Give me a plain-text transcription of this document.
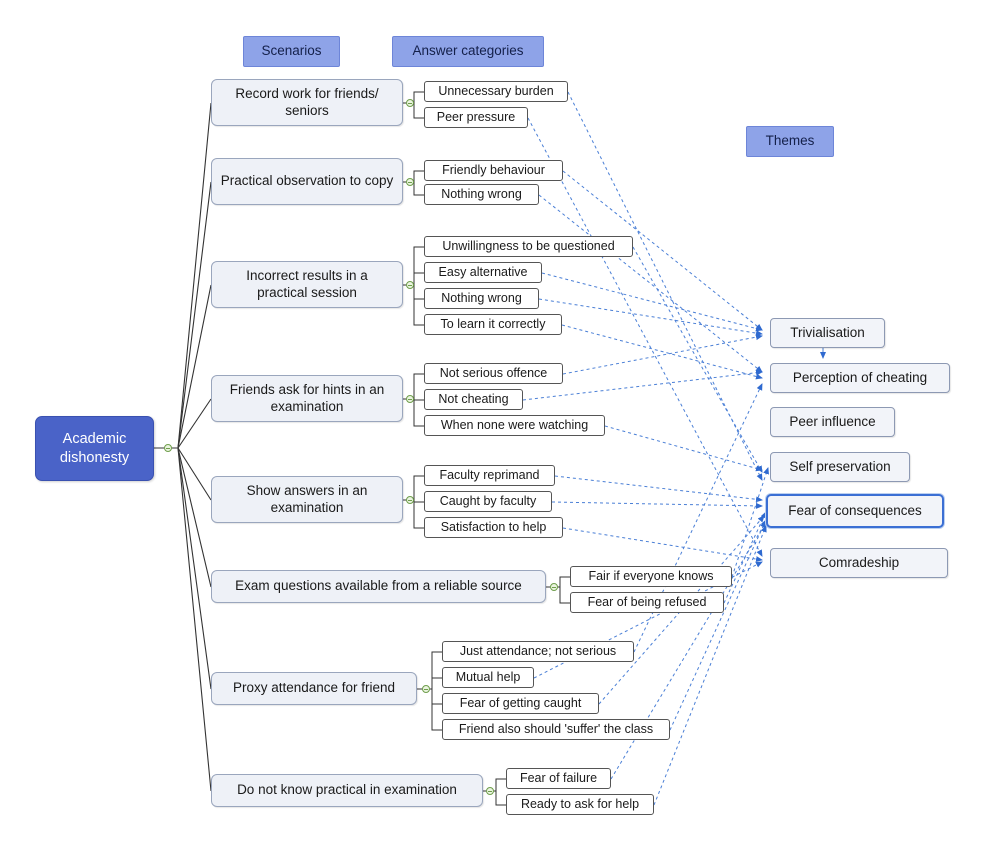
Scenarios	Answer categories
Themes
Academic dishonesty
Record work for friends/ seniors
Practical observation to copy
Incorrect results in a practical session
Friends ask for hints in an examination
Show answers in an examination
Exam questions available from a reliable source
Proxy attendance for friend
Do not know practical in examination
Unnecessary burden
Peer pressure
Friendly behaviour
Nothing wrong
Unwillingness to be questioned
Easy alternative
Nothing wrong
To learn it correctly
Not serious offence
Not cheating
When none were watching
Faculty reprimand
Caught by faculty
Satisfaction to help
Fair if everyone knows
Fear of being refused
Just attendance; not serious
Mutual help
Fear of getting caught
Friend also should 'suffer' the class
Fear of failure
Ready to ask for help
Trivialisation
Perception of cheating
Peer influence
Self preservation
Fear of consequences
Comradeship
